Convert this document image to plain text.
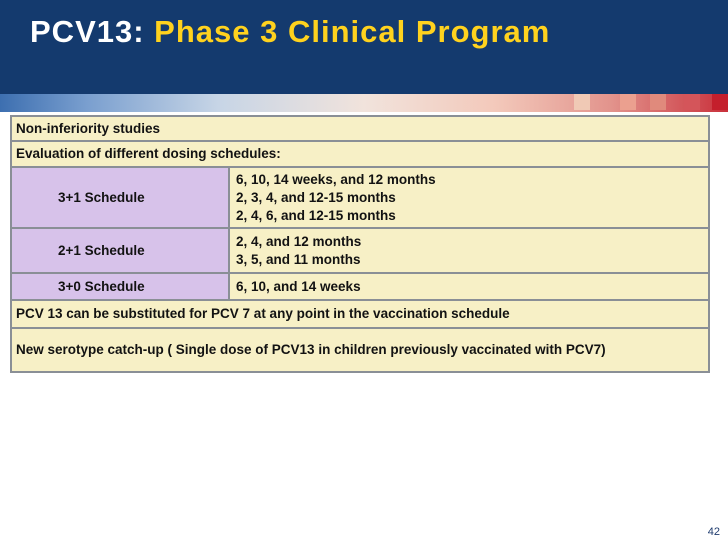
PCV13: Phase 3 Clinical Program
Non-inferiority studies	
Evaluation of different dosing schedules:	
3+1 Schedule	6, 10, 14 weeks, and 12 months
2, 3, 4, and 12-15 months
2, 4, 6, and 12-15 months

2+1 Schedule	2, 4, and 12 months
3, 5, and 11 months

3+0 Schedule	6, 10, and 14 weeks

PCV 13 can be substituted for PCV 7 at any point in the vaccination schedule	
New serotype catch-up ( Single dose of PCV13 in children previously vaccinated with PCV7)	
42
